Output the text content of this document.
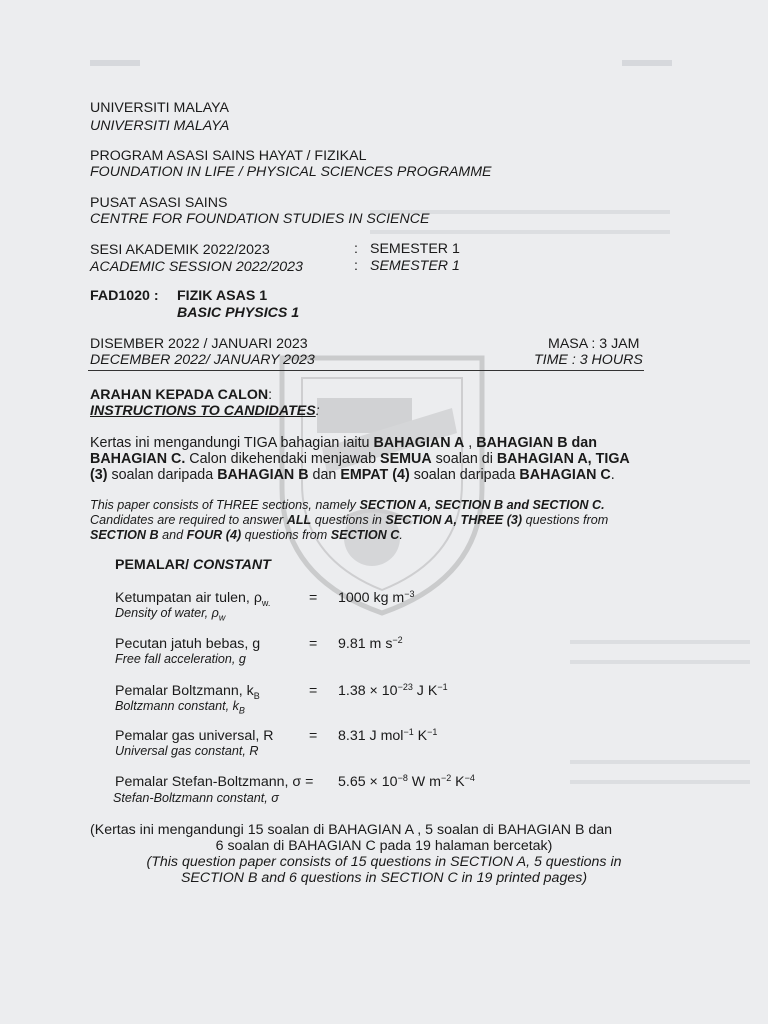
UNIVERSITI MALAYA
UNIVERSITI MALAYA
PROGRAM ASASI SAINS HAYAT / FIZIKAL
FOUNDATION IN LIFE / PHYSICAL SCIENCES PROGRAMME
PUSAT ASASI SAINS
CENTRE FOR FOUNDATION STUDIES IN SCIENCE
SESI AKADEMIK 2022/2023
ACADEMIC SESSION 2022/2023
:
:
SEMESTER 1
SEMESTER 1
FAD1020 : FIZIK ASAS 1
BASIC PHYSICS 1
DISEMBER 2022 / JANUARI 2023
DECEMBER 2022/ JANUARY 2023
MASA : 3 JAM
TIME : 3 HOURS
ARAHAN KEPADA CALON:
INSTRUCTIONS TO CANDIDATES:
Kertas ini mengandungi TIGA bahagian iaitu BAHAGIAN A , BAHAGIAN B dan
BAHAGIAN C. Calon dikehendaki menjawab SEMUA soalan di BAHAGIAN A, TIGA
(3) soalan daripada BAHAGIAN B dan EMPAT (4) soalan daripada BAHAGIAN C.
This paper consists of THREE sections, namely SECTION A, SECTION B and SECTION C.
Candidates are required to answer ALL questions in SECTION A, THREE (3) questions from
SECTION B and FOUR (4) questions from SECTION C.
PEMALAR/ CONSTANT
Ketumpatan air tulen, $\rho_{w.}$
Density of water, $\rho_w$
= 1000 kg $m^{-3}$
Pecutan jatuh bebas, g
Free fall acceleration, g
= 9.81 m $s^{-2}$
Pemalar Boltzmann, $k_B$
Boltzmann constant, $k_B$
= $1.38 \times 10^{-23}$ J $K^{-1}$
Pemalar gas universal, R
Universal gas constant, R
= 8.31 J mol$^{-1}$ $K^{-1}$
Pemalar Stefan-Boltzmann, σ =
Stefan-Boltzmann constant, σ
$5.65 \times 10^{-8}$ W $m^{-2}$ $K^{-4}$
(Kertas ini mengandungi 15 soalan di BAHAGIAN A , 5 soalan di BAHAGIAN B dan
6 soalan di BAHAGIAN C pada 19 halaman bercetak)
(This question paper consists of 15 questions in SECTION A, 5 questions in
SECTION B and 6 questions in SECTION C in 19 printed pages)
